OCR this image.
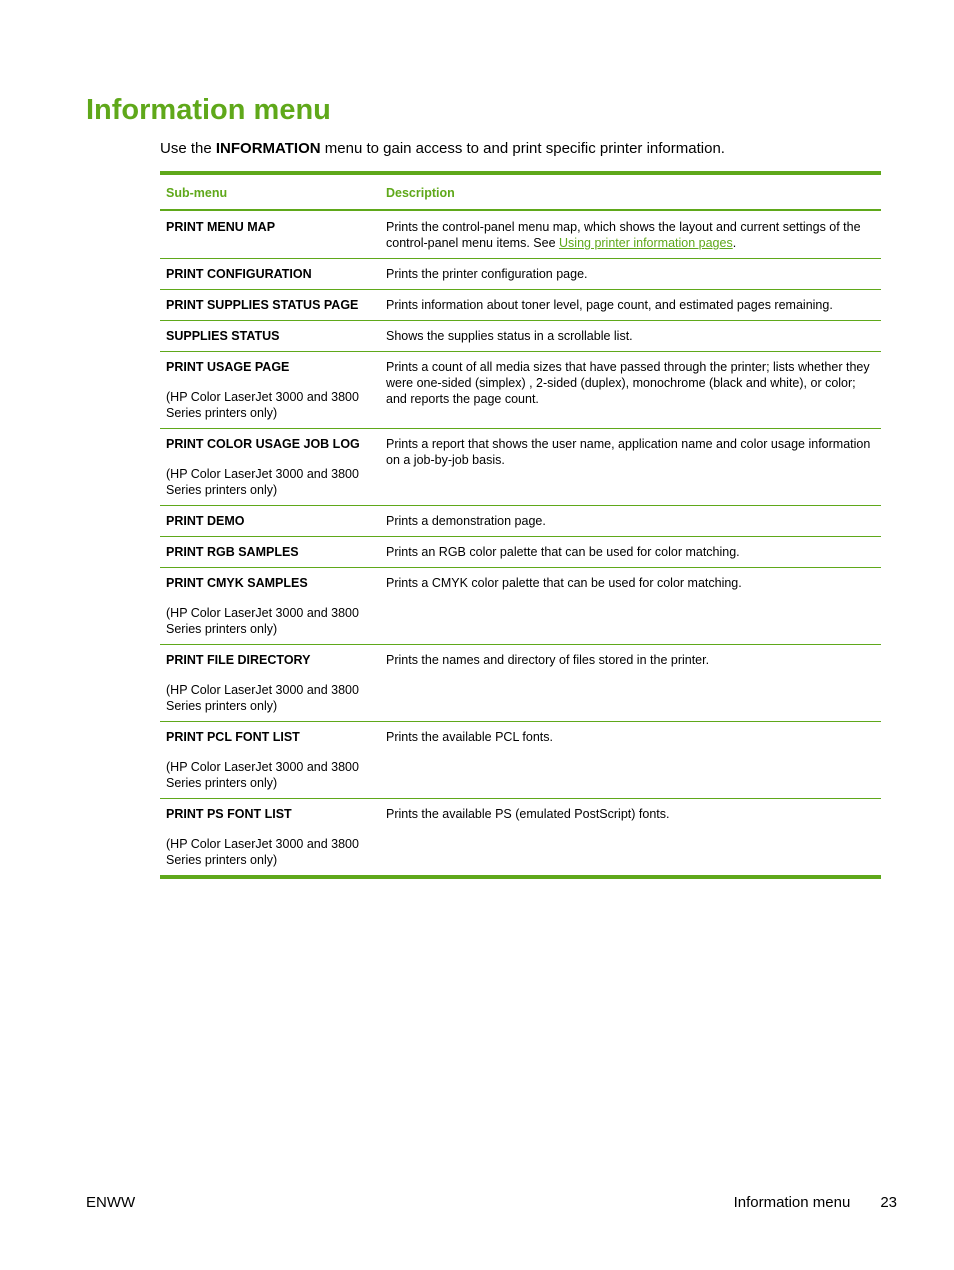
Information menu

Use the INFORMATION menu to gain access to and print specific printer information.

Sub-menu	Description

PRINT MENU MAP	Prints the control-panel menu map, which shows the layout and current settings of the control-panel menu items. See Using printer information pages.

PRINT CONFIGURATION	Prints the printer configuration page.

PRINT SUPPLIES STATUS PAGE	Prints information about toner level, page count, and estimated pages remaining.

SUPPLIES STATUS	Shows the supplies status in a scrollable list.

PRINT USAGE PAGE
(HP Color LaserJet 3000 and 3800 Series printers only)	Prints a count of all media sizes that have passed through the printer; lists whether they were one-sided (simplex) , 2-sided (duplex), monochrome (black and white), or color; and reports the page count.

PRINT COLOR USAGE JOB LOG
(HP Color LaserJet 3000 and 3800 Series printers only)	Prints a report that shows the user name, application name and color usage information on a job-by-job basis.

PRINT DEMO	Prints a demonstration page.

PRINT RGB SAMPLES	Prints an RGB color palette that can be used for color matching.

PRINT CMYK SAMPLES
(HP Color LaserJet 3000 and 3800 Series printers only)	Prints a CMYK color palette that can be used for color matching.

PRINT FILE DIRECTORY
(HP Color LaserJet 3000 and 3800 Series printers only)	Prints the names and directory of files stored in the printer.

PRINT PCL FONT LIST
(HP Color LaserJet 3000 and 3800 Series printers only)	Prints the available PCL fonts.

PRINT PS FONT LIST
(HP Color LaserJet 3000 and 3800 Series printers only)	Prints the available PS (emulated PostScript) fonts.
ENWW	Information menu 23
